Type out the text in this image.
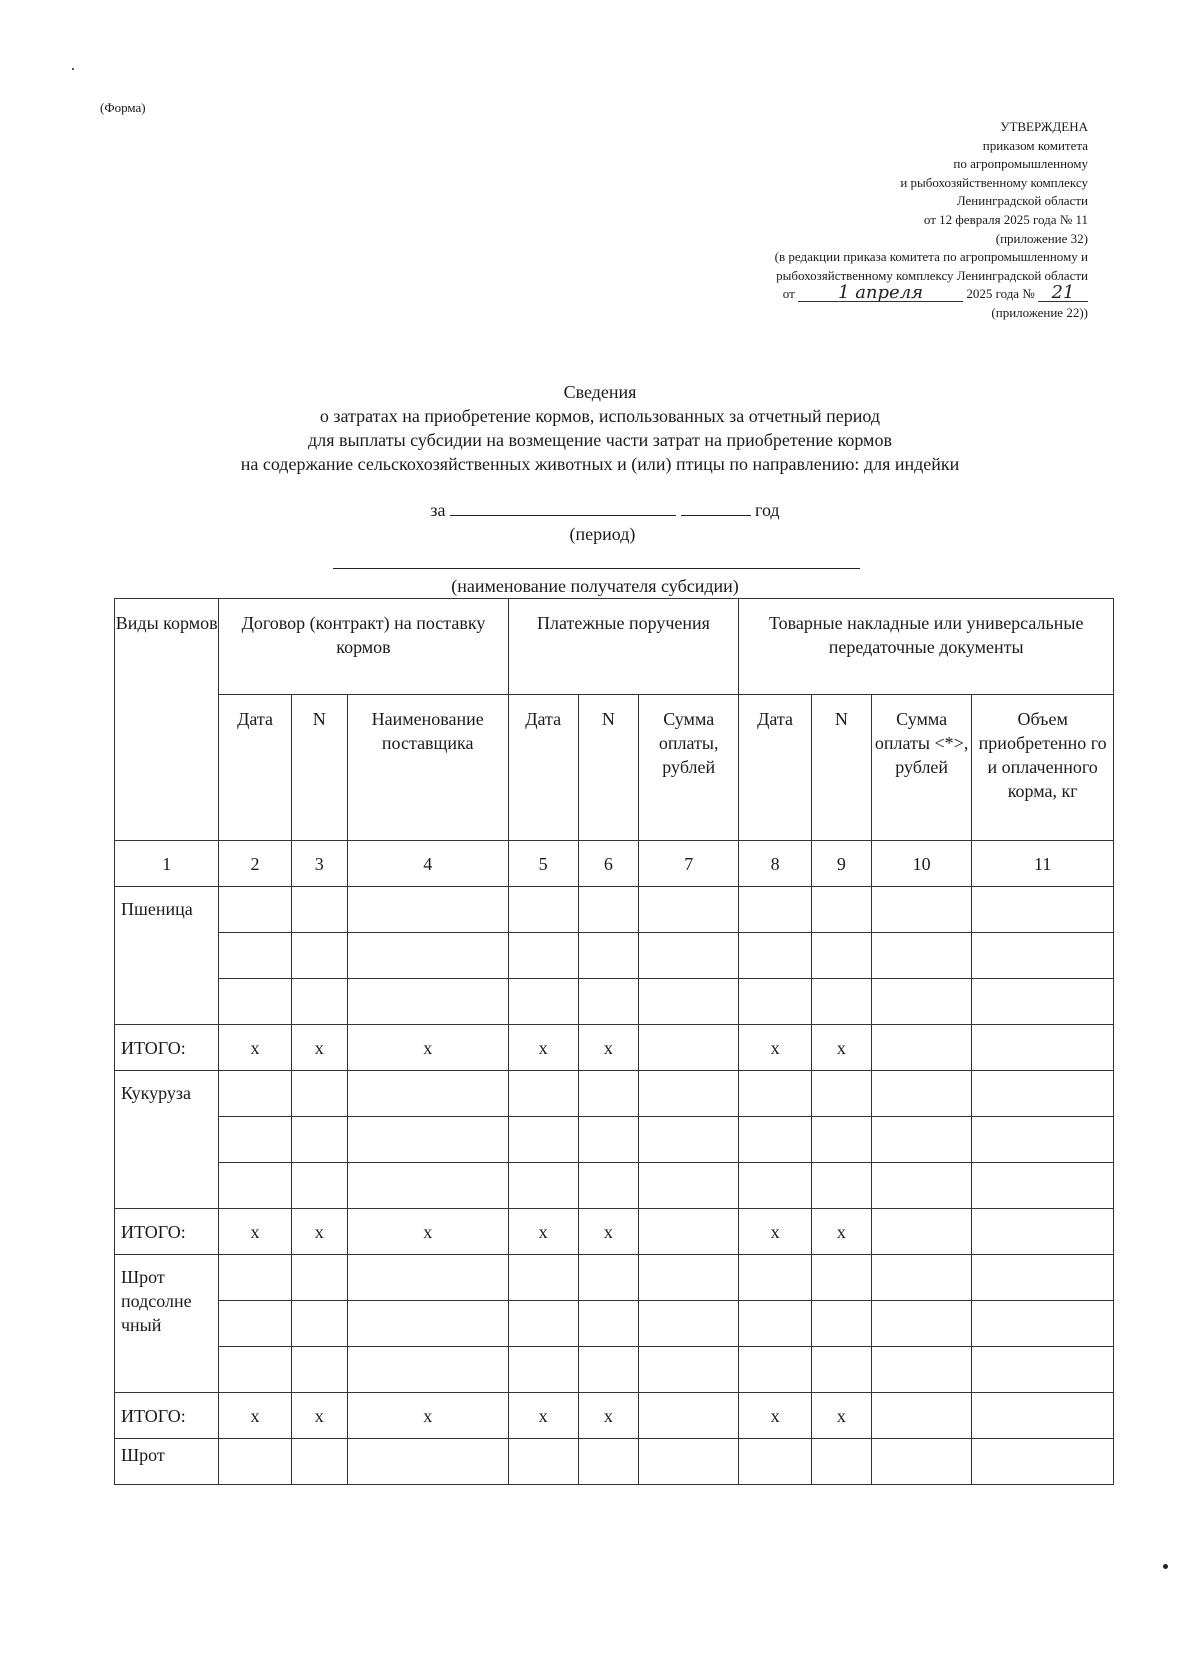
(Форма)
УТВЕРЖДЕНА
приказом комитета
по агропромышленному
и рыбохозяйственному комплексу
Ленинградской области
от 12 февраля 2025 года № 11
(приложение 32)
(в редакции приказа комитета по агропромышленному и
рыбохозяйственному комплексу Ленинградской области
от 1 апреля	2025 года № 21
(приложение 22))
Сведения
о затратах на приобретение кормов, использованных за отчетный период
для выплаты субсидии на возмещение части затрат на приобретение кормов
на содержание сельскохозяйственных животных и (или) птицы по направлению: для индейки
за	год
(период)
(наименование получателя субсидии)
Виды кормов	Договор (контракт) на поставку кормов			Платежные поручения			Товарные накладные или универсальные передаточные документы			
	Дата	N	Наименование поставщика	Дата	N	Сумма оплаты, рублей	Дата	N	Сумма оплаты <*>, рублей	Объем приобретенно го и оплаченного корма, кг
1	2	3	4	5	6	7	8	9	10	11
Пшеница										

ИТОГО:	x	x	x	x	x		x	x		
Кукуруза										

ИТОГО:	x	x	x	x	x		x	x		
Шрот подсолне чный										

ИТОГО:	x	x	x	x	x		x	x		
Шрот										
